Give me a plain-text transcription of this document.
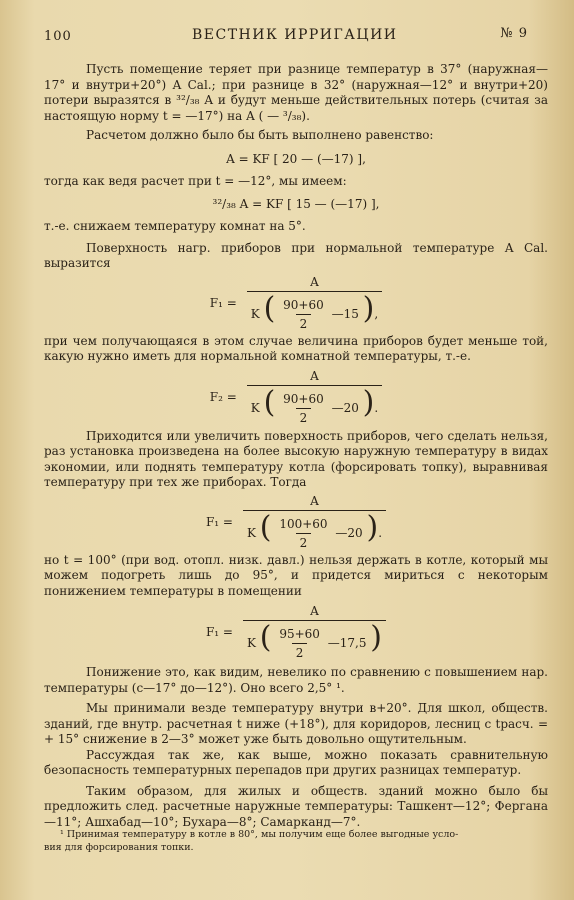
100	ВЕСТНИК ИРРИГАЦИИ	№ 9

Пусть помещение теряет при разнице температур в 37° (наружная—17° и внутри+20°) A Cal.; при разнице в 32° (наружная—12° и внутри+20) потери выразятся в ³²/₃₈ A и будут меньше действительных потерь (считая за настоящую норму t = —17°) на A ( — ³/₃₈).

Расчетом должно было бы быть выполнено равенство:

A = KF [ 20 — (—17) ],

тогда как ведя расчет при t = —12°, мы имеем:

³²/₃₈ A = KF [ 15 — (—17) ],

т.-е. снижаем температуру комнат на 5°.

Поверхность нагр. приборов при нормальной температуре A Cal. выразится

$F_1 = \frac{A}{K ( \frac{90+60}{2} —15 ),}$

при чем получающаяся в этом случае величина приборов будет меньше той, какую нужно иметь для нормальной комнатной температуры, т.-е.

$F_2 = \frac{A}{K ( \frac{90+60}{2} —20 ).}$

Приходится или увеличить поверхность приборов, чего сделать нельзя, раз установка произведена на более высокую наружную температуру в видах экономии, или поднять температуру котла (форсировать топку), выравнивая температуру при тех же приборах. Тогда

$F_1 = \frac{A}{K ( \frac{100+60}{2} —20 ).}$

но t = 100° (при вод. отопл. низк. давл.) нельзя держать в котле, который мы можем подогреть лишь до 95°, и придется мириться с некоторым понижением температуры в помещении

$F_1 = \frac{A}{K ( \frac{95+60}{2} —17,5 )}$

Понижение это, как видим, невелико по сравнению с повышением нар. температуры (с—17° до—12°). Оно всего 2,5° ¹.

Мы принимали везде температуру внутри в+20°. Для школ, обществ. зданий, где внутр. расчетная t ниже (+18°), для коридоров, лесниц с tрасч. = + 15° снижение в 2—3° может уже быть довольно ощутительным.

Рассуждая так же, как выше, можно показать сравнительную безопасность температурных перепадов при других разницах температур.

Таким образом, для жилых и обществ. зданий можно было бы предложить след. расчетные наружные температуры: Ташкент—12°; Фергана—11°; Ашхабад—10°; Бухара—8°; Самарканд—7°.

¹ Принимая температуру в котле в 80°, мы получим еще более выгодные усло-
вия для форсирования топки.
